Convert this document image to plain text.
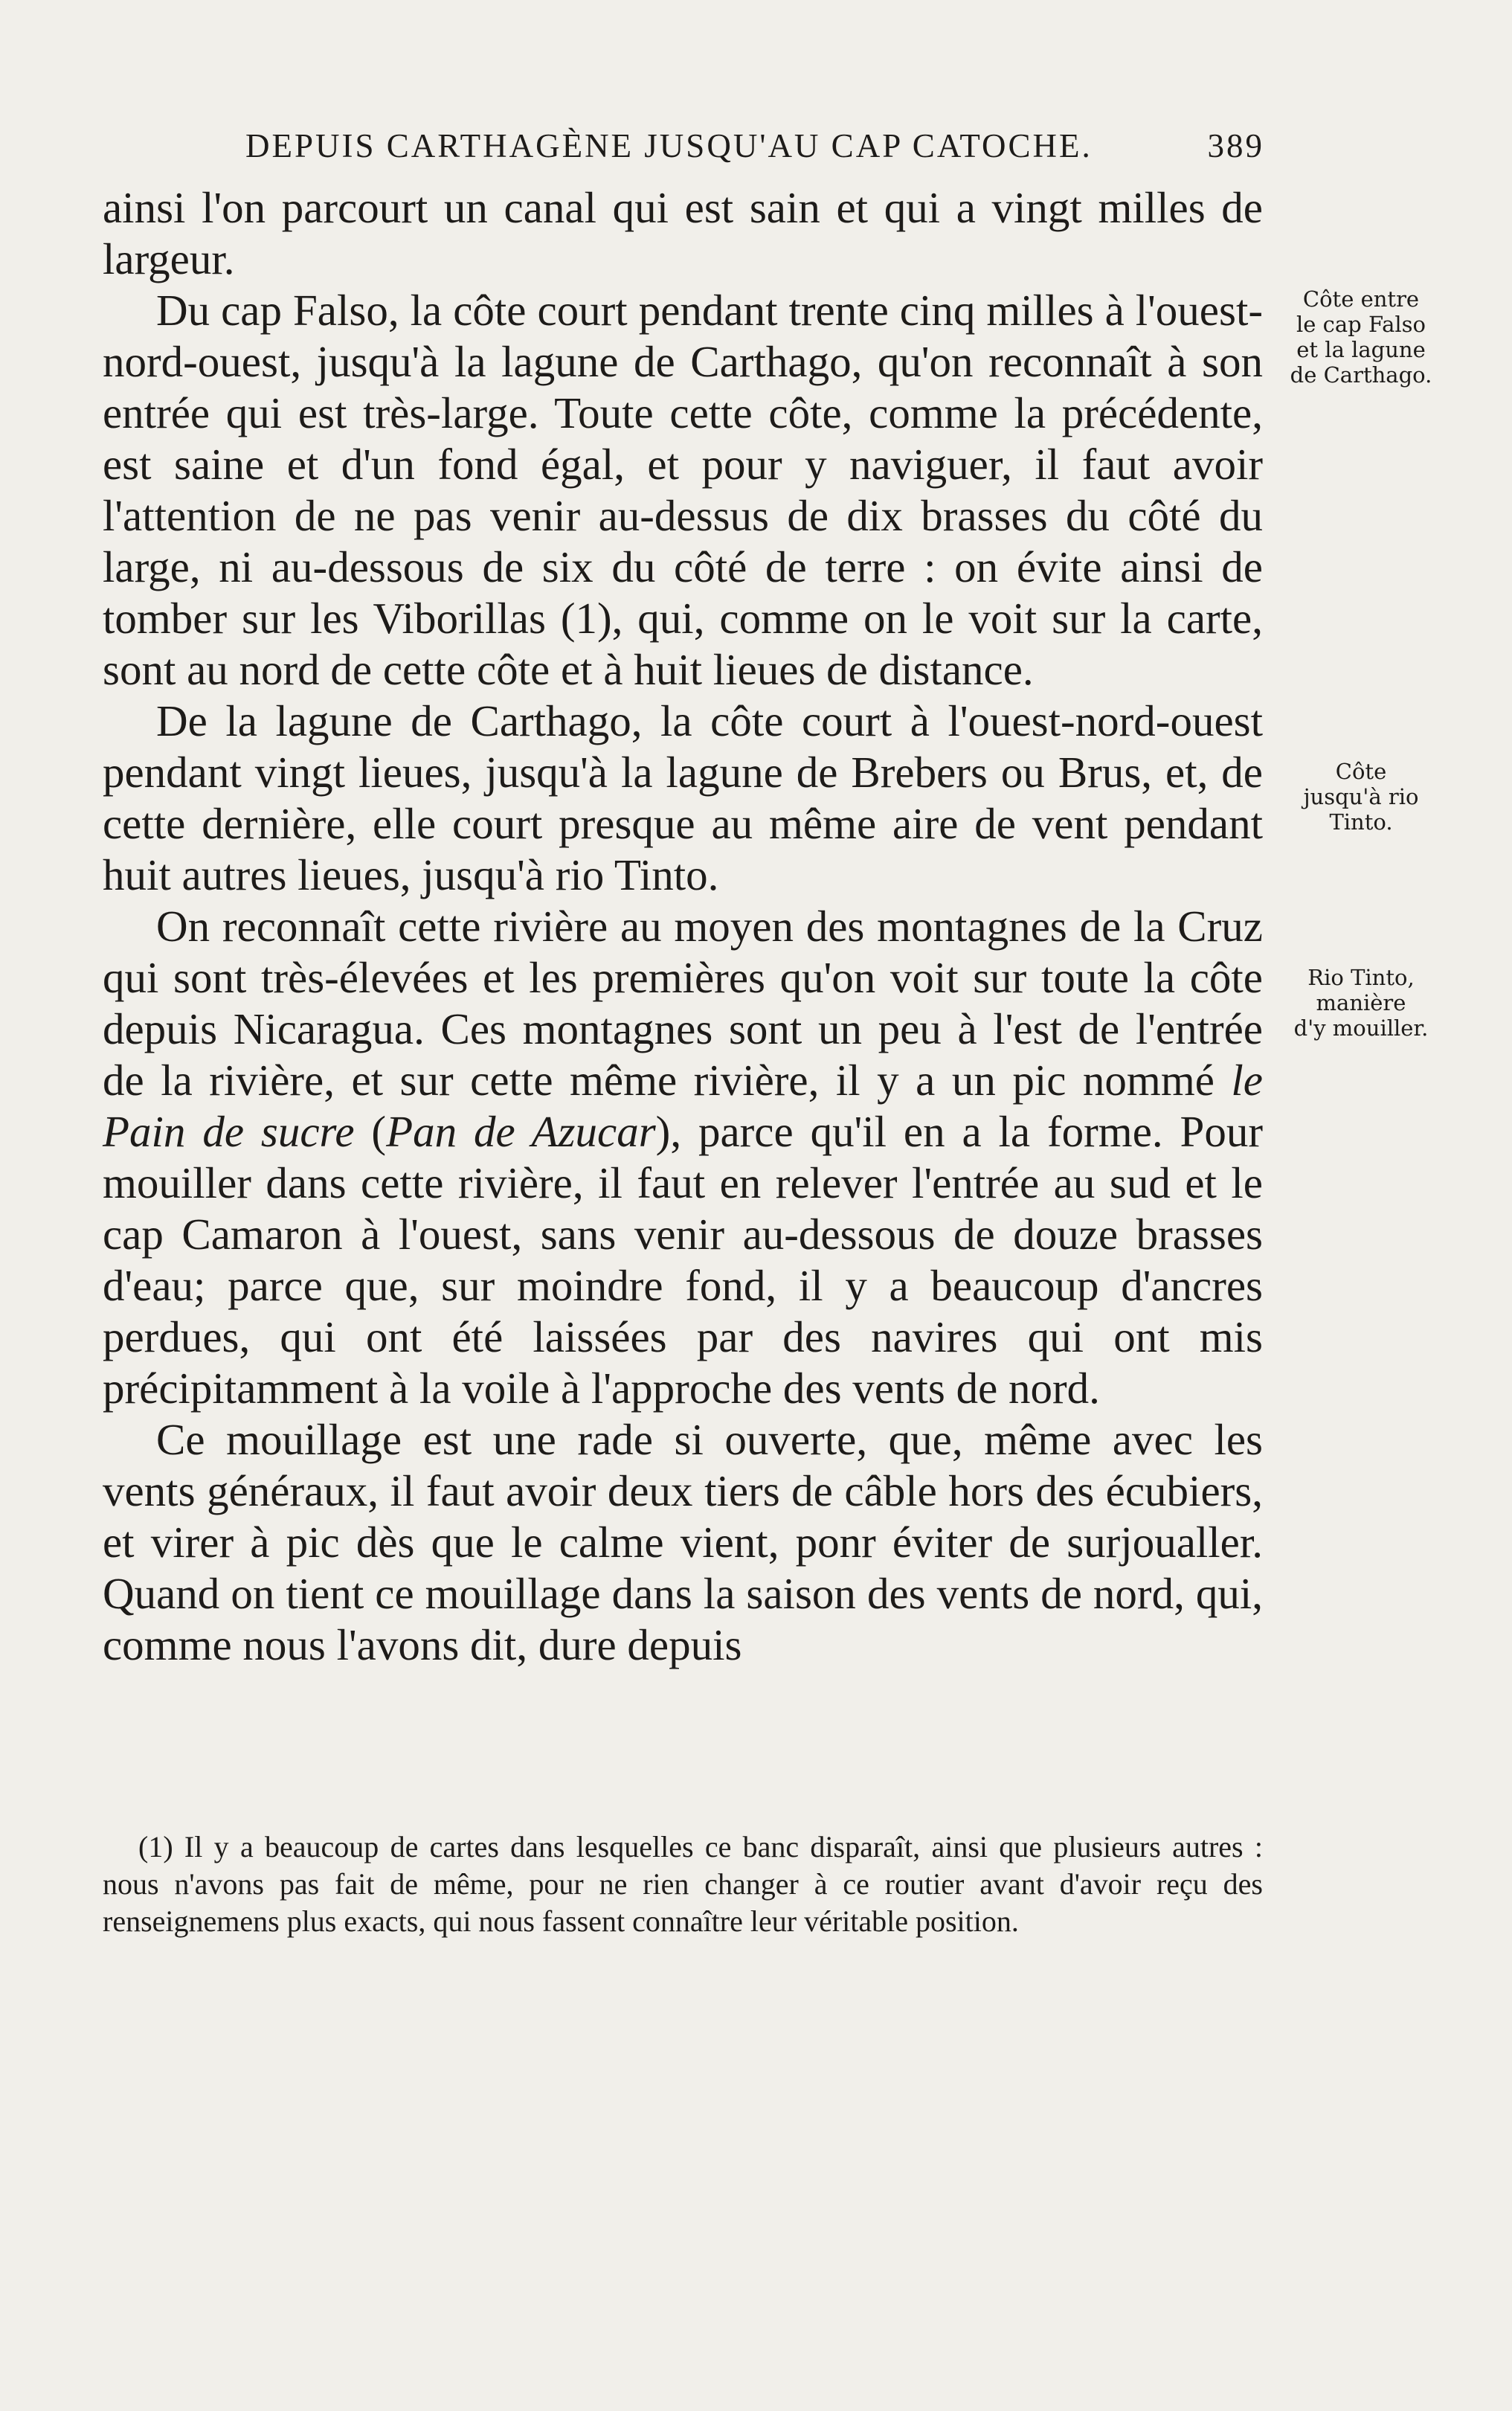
DEPUIS CARTHAGÈNE JUSQU'AU CAP CATOCHE.	389

ainsi l'on parcourt un canal qui est sain et qui a vingt milles de largeur.

Du cap Falso, la côte court pendant trente cinq milles à l'ouest-nord-ouest, jusqu'à la lagune de Carthago, qu'on reconnaît à son entrée qui est très-large. Toute cette côte, comme la précédente, est saine et d'un fond égal, et pour y naviguer, il faut avoir l'attention de ne pas venir au-dessus de dix brasses du côté du large, ni au-dessous de six du côté de terre : on évite ainsi de tomber sur les Viborillas (1), qui, comme on le voit sur la carte, sont au nord de cette côte et à huit lieues de distance.

De la lagune de Carthago, la côte court à l'ouest-nord-ouest pendant vingt lieues, jusqu'à la lagune de Brebers ou Brus, et, de cette dernière, elle court presque au même aire de vent pendant huit autres lieues, jusqu'à rio Tinto.

On reconnaît cette rivière au moyen des montagnes de la Cruz qui sont très-élevées et les premières qu'on voit sur toute la côte depuis Nicaragua. Ces montagnes sont un peu à l'est de l'entrée de la rivière, et sur cette même rivière, il y a un pic nommé le Pain de sucre (Pan de Azucar), parce qu'il en a la forme. Pour mouiller dans cette rivière, il faut en relever l'entrée au sud et le cap Camaron à l'ouest, sans venir au-dessous de douze brasses d'eau; parce que, sur moindre fond, il y a beaucoup d'ancres perdues, qui ont été laissées par des navires qui ont mis précipitamment à la voile à l'approche des vents de nord.

Ce mouillage est une rade si ouverte, que, même avec les vents généraux, il faut avoir deux tiers de câble hors des écubiers, et virer à pic dès que le calme vient, ponr éviter de surjoualler. Quand on tient ce mouillage dans la saison des vents de nord, qui, comme nous l'avons dit, dure depuis

Côte entre
le cap Falso
et la lagune
de Carthago.
Côte
jusqu'à rio
Tinto.
Rio Tinto,
manière
d'y mouiller.
(1) Il y a beaucoup de cartes dans lesquelles ce banc disparaît, ainsi que plusieurs autres : nous n'avons pas fait de même, pour ne rien changer à ce routier avant d'avoir reçu des renseignemens plus exacts, qui nous fassent connaître leur véritable position.
